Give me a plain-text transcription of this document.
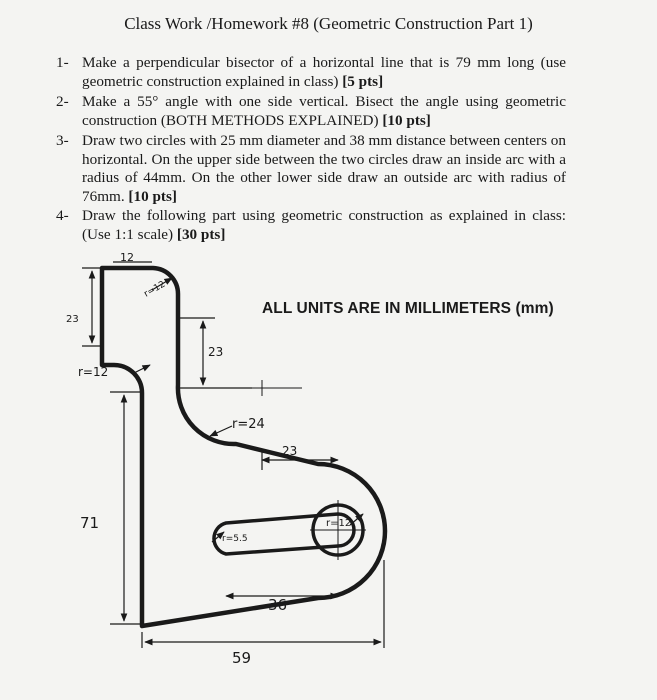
Class Work /Homework #8 (Geometric Construction Part 1)
1- Make a perpendicular bisector of a horizontal line that is 79 mm long (use geometric construction explained in class) [5 pts]
2- Make a 55° angle with one side vertical. Bisect the angle using geometric construction (BOTH METHODS EXPLAINED) [10 pts]
3- Draw two circles with 25 mm diameter and 38 mm distance between centers on horizontal. On the upper side between the two circles draw an inside arc with a radius of 44mm. On the other lower side draw an outside arc with radius of 76mm. [10 pts]
4- Draw the following part using geometric construction as explained in class: (Use 1:1 scale) [30 pts]
ALL UNITS ARE IN MILLIMETERS (mm)
12
r=12
23
23
r=12
r=24
23
71
r=5.5
r=12
36
59
